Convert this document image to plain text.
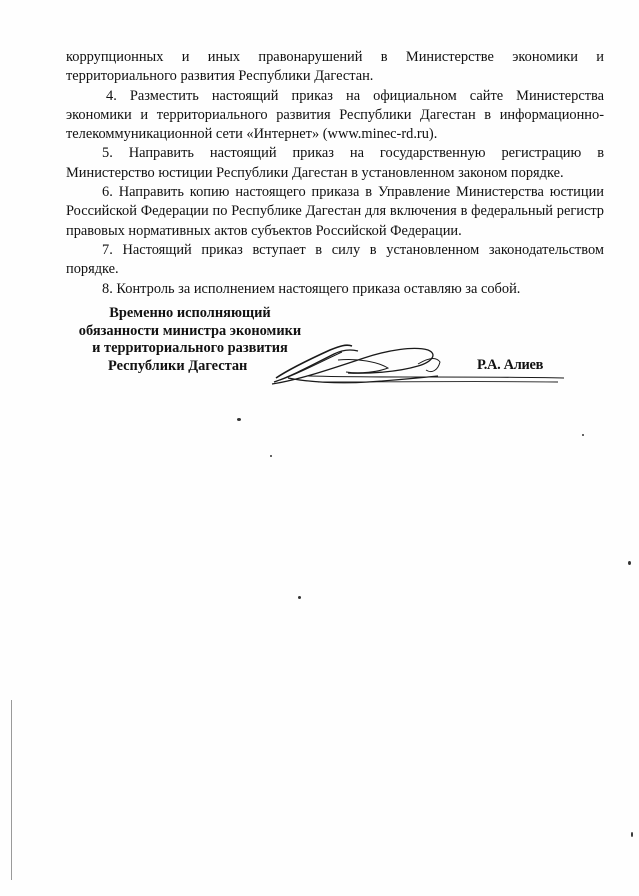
коррупционных и иных правонарушений в Министерстве экономики и территориального развития Республики Дагестан.

4. Разместить настоящий приказ на официальном сайте Министерства экономики и территориального развития Республики Дагестан в информационно-телекоммуникационной сети «Интернет» (www.minec-rd.ru).

5. Направить настоящий приказ на государственную регистрацию в Министерство юстиции Республики Дагестан в установленном законом порядке.

6. Направить копию настоящего приказа в Управление Министерства юстиции Российской Федерации по Республике Дагестан для включения в федеральный регистр правовых нормативных актов субъектов Российской Федерации.

7. Настоящий приказ вступает в силу в установленном законодательством порядке.

8. Контроль за исполнением настоящего приказа оставляю за собой.

Временно исполняющий

обязанности министра экономики

и территориального развития

Республики Дагестан	Р.А. Алиев
